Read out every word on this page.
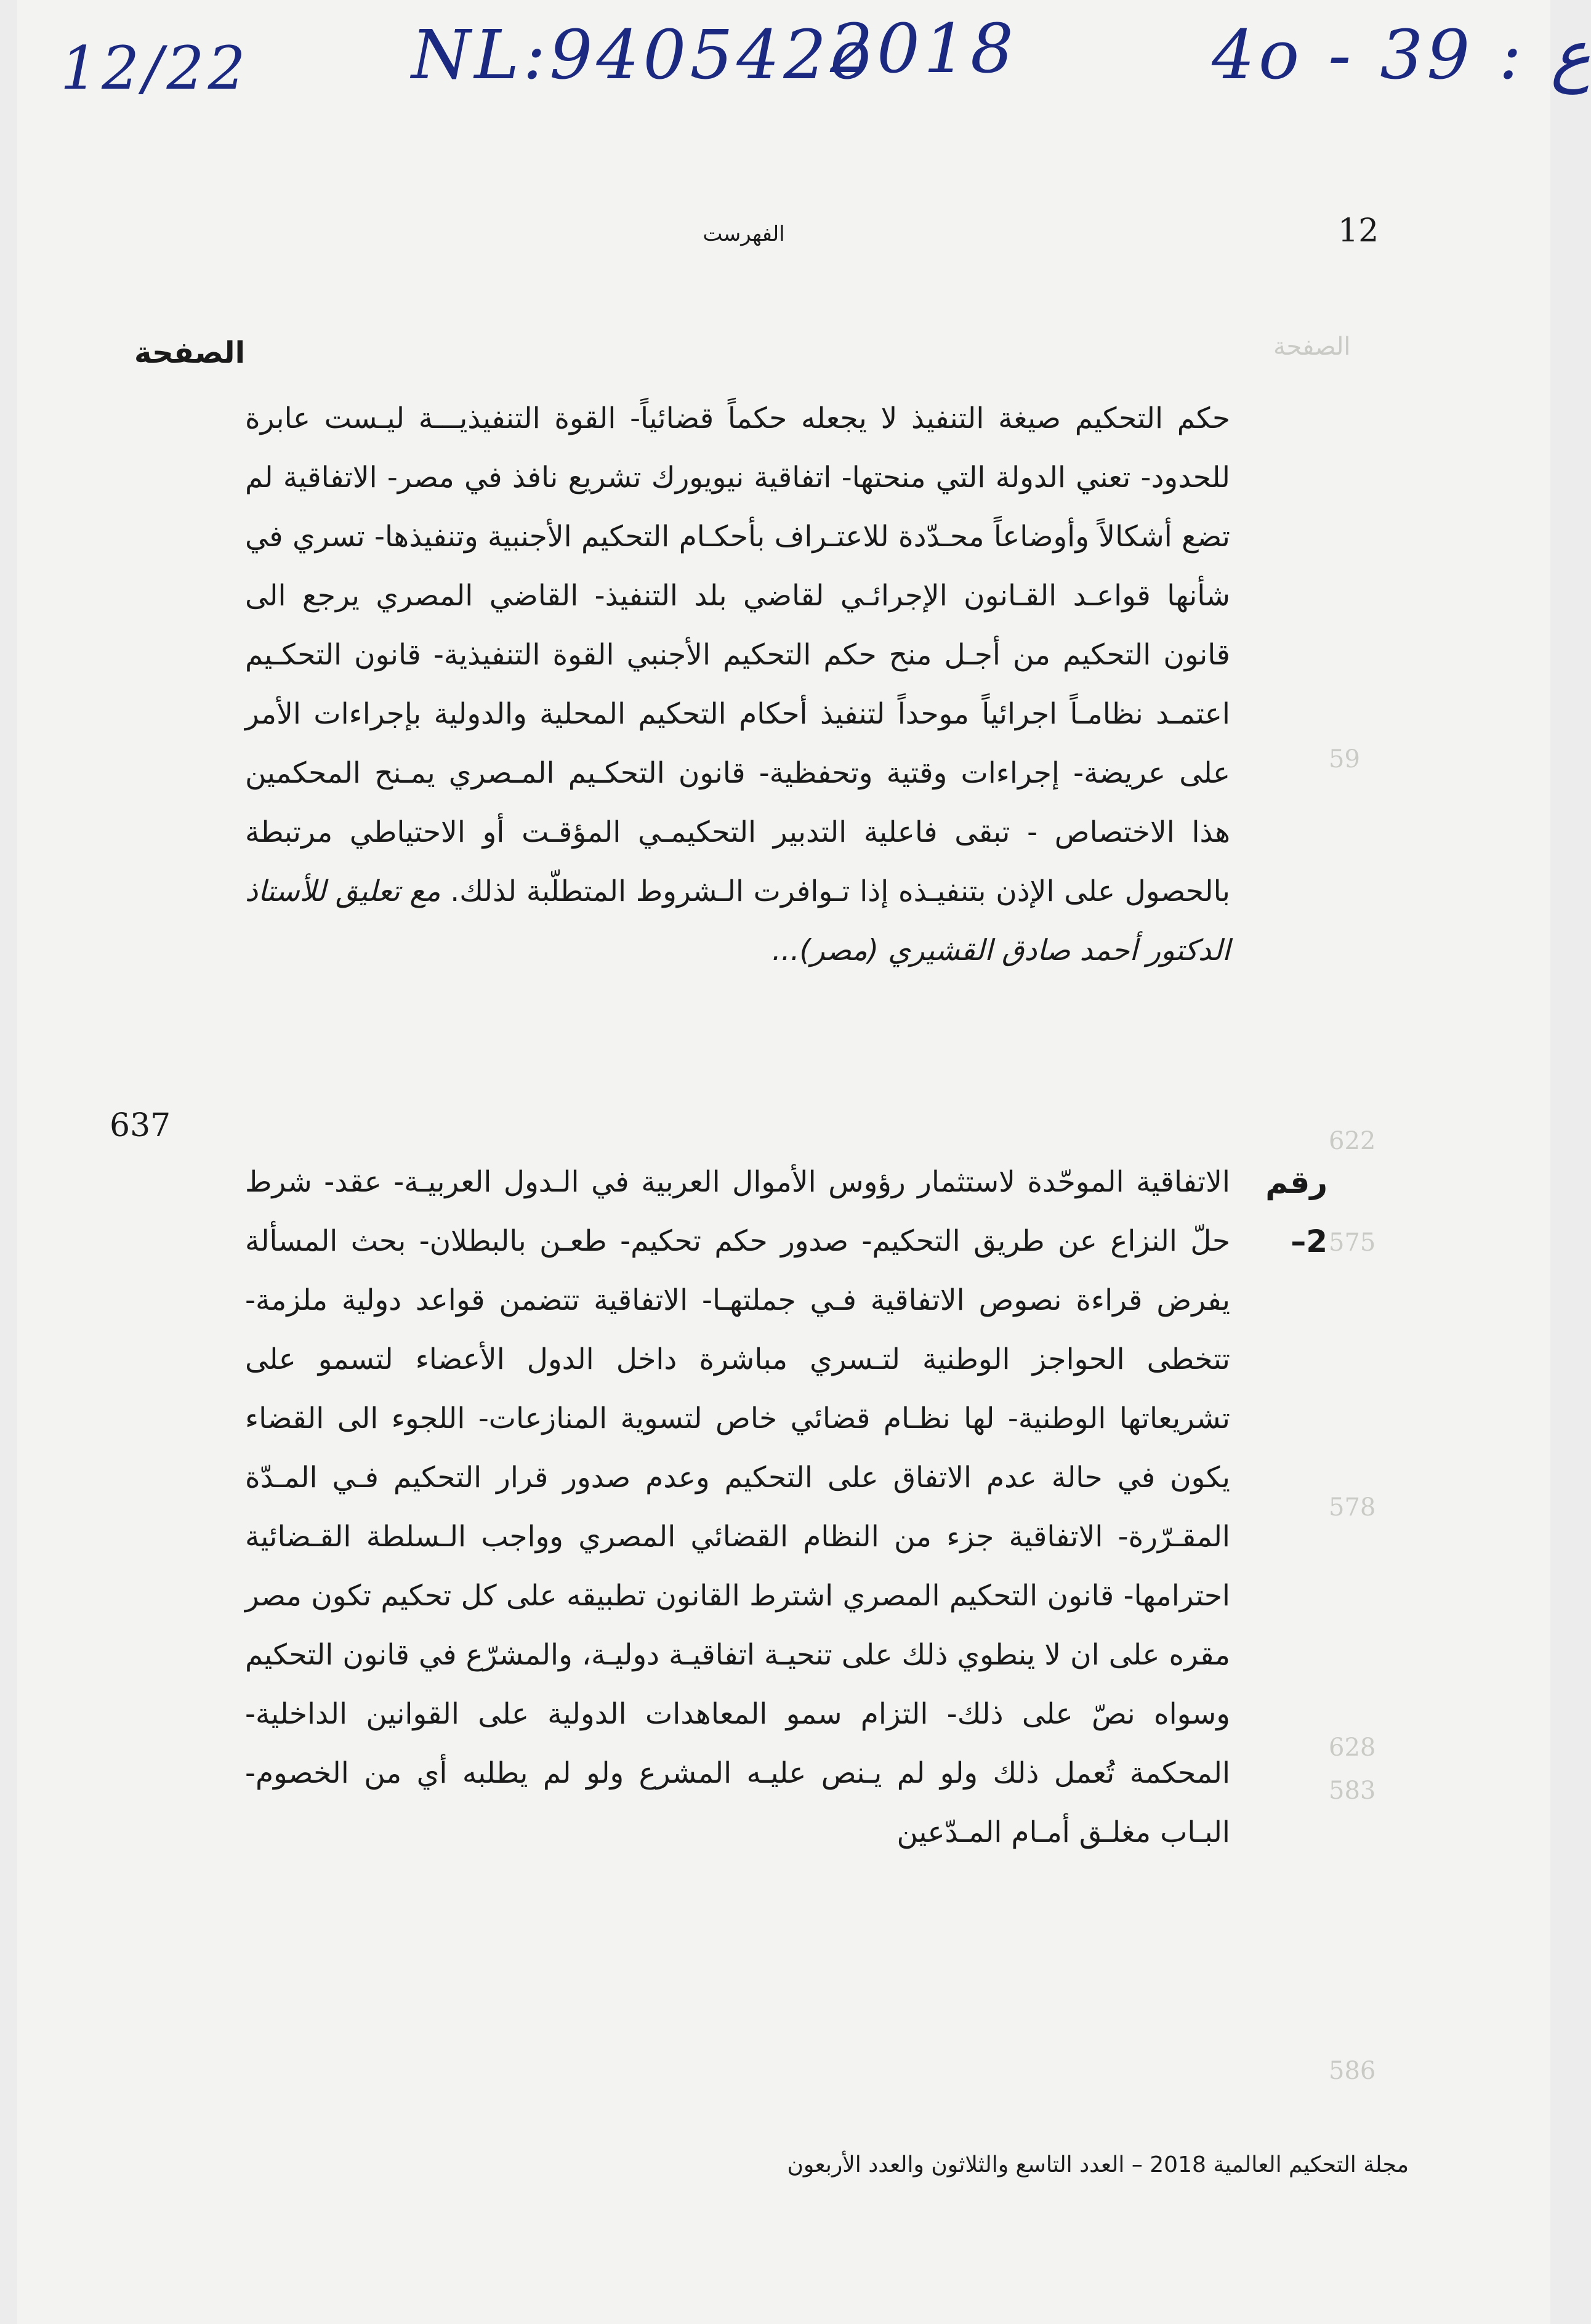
12/22 NL:940542o
2018	4o - 39 : ع
الصفحة
59
622
575
578
628
583
586
12
الفهرست
الصفحة
حكم التحكيم صيغة التنفيذ لا يجعله حكماً قضائياً- القوة التنفيذيـــة ليـست عابرة للحدود- تعني الدولة التي منحتها- اتفاقية نيويورك تشريع نافذ في مصر- الاتفاقية لم تضع أشكالاً وأوضاعاً محـدّدة للاعتـراف بأحكـام التحكيم الأجنبية وتنفيذها- تسري في شأنها قواعـد القـانون الإجرائـي لقاضي بلد التنفيذ- القاضي المصري يرجع الى قانون التحكيم من أجـل منح حكم التحكيم الأجنبي القوة التنفيذية- قانون التحكـيم اعتمـد نظامـاً اجرائياً موحداً لتنفيذ أحكام التحكيم المحلية والدولية بإجراءات الأمر على عريضة- إجراءات وقتية وتحفظية- قانون التحكـيم المـصري يمـنح المحكمين هذا الاختصاص - تبقى فاعلية التدبير التحكيمـي المؤقـت أو الاحتياطي مرتبطة بالحصول على الإذن بتنفيـذه إذا تـوافرت الـشروط المتطلّبة لذلك. مع تعليق للأستاذ الدكتور أحمد صادق القشيري (مصر)...
637
رقم 2–
الاتفاقية الموحّدة لاستثمار رؤوس الأموال العربية في الـدول العربيـة- عقد- شرط حلّ النزاع عن طريق التحكيم- صدور حكم تحكيم- طعـن بالبطلان- بحث المسألة يفرض قراءة نصوص الاتفاقية فـي جملتهـا- الاتفاقية تتضمن قواعد دولية ملزمة- تتخطى الحواجز الوطنية لتـسري مباشرة داخل الدول الأعضاء لتسمو على تشريعاتها الوطنية- لها نظـام قضائي خاص لتسوية المنازعات- اللجوء الى القضاء يكون في حالة عدم الاتفاق على التحكيم وعدم صدور قرار التحكيم فـي المـدّة المقـرّرة- الاتفاقية جزء من النظام القضائي المصري وواجب الـسلطة القـضائية احترامها- قانون التحكيم المصري اشترط القانون تطبيقه على كل تحكيم تكون مصر مقره على ان لا ينطوي ذلك على تنحيـة اتفاقيـة دوليـة، والمشرّع في قانون التحكيم وسواه نصّ على ذلك- التزام سمو المعاهدات الدولية على القوانين الداخلية- المحكمة تُعمل ذلك ولو لم يـنص عليـه المشرع ولو لم يطلبه أي من الخصوم- البـاب مغلـق أمـام المـدّعين
مجلة التحكيم العالمية 2018 – العدد التاسع والثلاثون والعدد الأربعون
